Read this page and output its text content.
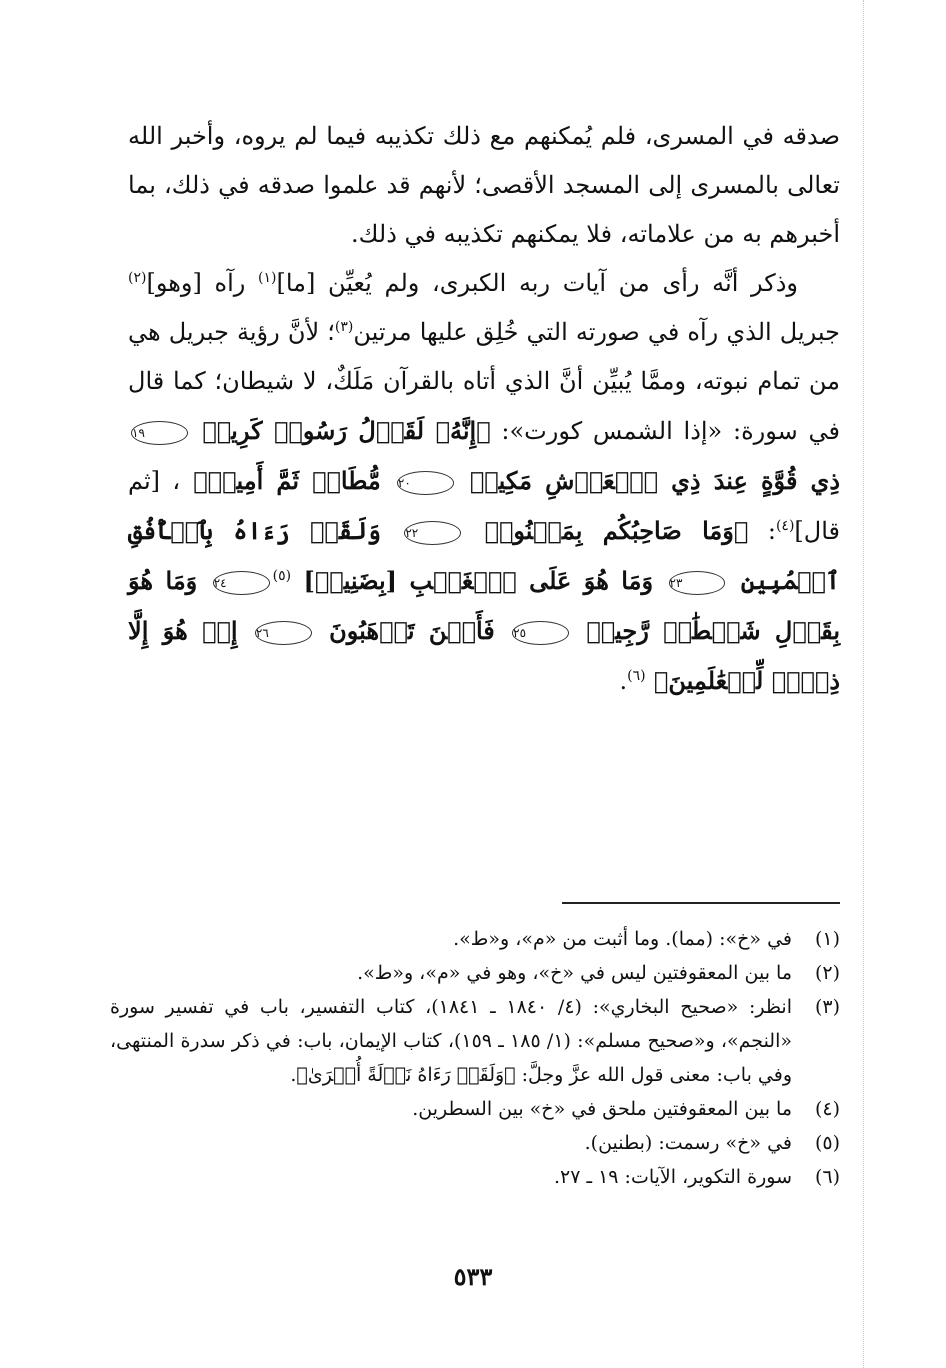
صدقه في المسرى، فلم يُمكنهم مع ذلك تكذيبه فيما لم يروه، وأخبر الله تعالى بالمسرى إلى المسجد الأقصى؛ لأنهم قد علموا صدقه في ذلك، بما أخبرهم به من علاماته، فلا يمكنهم تكذيبه في ذلك.

وذكر أنَّه رأى من آيات ربه الكبرى، ولم يُعيِّن [ما]$^{(١)}$ رآه [وهو]$^{(٢)}$ جبريل الذي رآه في صورته التي خُلِق عليها مرتين$^{(٣)}$؛ لأنَّ رؤية جبريل هي من تمام نبوته، وممَّا يُبيِّن أنَّ الذي أتاه بالقرآن مَلَكٌ، لا شيطان؛ كما قال في سورة: «إذا الشمس كورت»: ﴿إِنَّهُۥ لَقَوۡلُ رَسُولٖ كَرِيمٖ ١٩ ذِي قُوَّةٍ عِندَ ذِي ٱلۡعَرۡشِ مَكِينٖ ٢٠ مُّطَاعٖ ثَمَّ أَمِينٖ﴾ ، [ثم قال]$^{(٤)}$: ﴿وَمَا صَاحِبُكُم بِمَجۡنُونٖ ٢٢ وَلَقَدۡ رَءَاهُ بِٱلۡأُفُقِ ٱلۡمُبِينِ ٢٣ وَمَا هُوَ عَلَى ٱلۡغَيۡبِ [بِضَنِينٖ] $^{(٥)}$٢٤ وَمَا هُوَ بِقَوۡلِ شَيۡطَٰنٖ رَّجِيمٖ ٢٥ فَأَيۡنَ تَذۡهَبُونَ ٢٦ إِنۡ هُوَ إِلَّا ذِكۡرٞ لِّلۡعَٰلَمِينَ﴾ $^{(٦)}$.

(١)
في «خ»: (مما). وما أثبت من «م»، و«ط».
(٢)
ما بين المعقوفتين ليس في «خ»، وهو في «م»، و«ط».
(٣)
انظر: «صحيح البخاري»: (٤/ ١٨٤٠ ـ ١٨٤١)، كتاب التفسير، باب في تفسير سورة «النجم»، و«صحيح مسلم»: (١/ ١٨٥ ـ ١٥٩)، كتاب الإيمان، باب: في ذكر سدرة المنتهى، وفي باب: معنى قول الله عزَّ وجلَّ: ﴿وَلَقَدۡ رَءَاهُ نَزۡلَةً أُخۡرَىٰ﴾.
(٤)
ما بين المعقوفتين ملحق في «خ» بين السطرين.
(٥)
في «خ» رسمت: (بطنين).
(٦)
سورة التكوير، الآيات: ١٩ ـ ٢٧.
٥٣٣
